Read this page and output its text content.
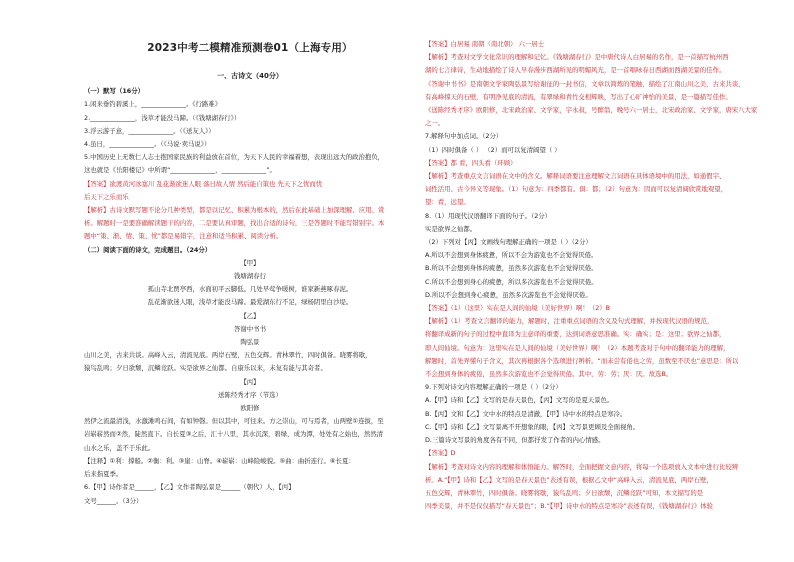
2023中考二模精准预测卷01（上海专用）
一、古诗文（40分）
（一）默写（16分）
1.闲来垂钓碧溪上，______________。《行路难》
2.______________，浅草才能没马蹄。（《钱塘湖春行》）
3.浮云游子意，______________。（《送友人》）
4.虽曰，______________。（《马说·卖马说》）
5.中国历史上无数仁人志士抱国家民族的利益放在首位，为天下人民的幸福着想，表现出远大的政治抱负，
这也就是《岳阳楼记》中所谓“______________，______________”。
【答案】欲渡黄河冰塞川 乱花渐欲迷人眼 落日故人情 然后能自策也 先天下之忧而忧
后天下之乐而乐
【解析】古诗文默写题不论分几种类型，都是以记忆、积累为根本的，然后在此基础上加深理解、应用、赏
析。解题时一是要准确解读题干的内容，二是要认真审题，找出合适的诗句，三是答题时不能写错别字。本
题中“策、渐、情、策、忧”都是易错字，注意和适当积累、阅读分析。
（二）阅读下面的诗文，完成题目。（24分）
【甲】
钱塘湖春行
孤山寺北贾亭西，水面初平云脚低。几处早莺争暖树，谁家新燕啄春泥。
乱花渐欲迷人眼，浅草才能没马蹄。最爱湖东行不足，绿杨阴里白沙堤。
【乙】
答谢中书书
陶弘景
山川之美，古来共谈。高峰入云，清流见底。两岸石壁，五色交辉。青林翠竹，四时俱备。晓雾将歇，
猿鸟乱鸣；夕日欲颓，沉鳞竞跃。实是欲界之仙都。自康乐以来，未复有能与其奇者。
【丙】
送陈经秀才序（节选）
欧阳修
然伊之流最清浅，水激滩鸣石间，有如钟磬。但以其中，可往来。方之崇山，可与焉者，山两壁①连拔，至
岩崭崭然而②然，陡然直下。自长夏③之后，汇十八里，其水沉深，碧绿，成为潭，处处有之始也，然然清
山水之乐，盖不于乐此。
【注释】①利：撑船。②衡：利。③崖：山脊。④崭崭：山峰险峻貌。⑤曲：曲折连行。⑥长夏：
后来指夏季。
6.【甲】诗作者是______，【乙】文作者陶弘景是______（朝代）人，【丙】
文号______。（3分）
【答案】白居易 南朝（南北朝） 六一居士
【解析】考查对文学文化常识的理解和记忆。《钱塘湖春行》是中唐代诗人白居易的名作，是一首描写杭州西
湖的七言律诗，生动地描绘了诗人早春漫步西湖所见的明媚风光，是一首唱咏春日西湖而西湖美景的佳作。
《答谢中书书》是南朝文学家陶弘景写给谢征的一封书信，文章以简炼的笔触，描绘了江南山川之美，古来共谈，
有高峰撑天的石壁，有明净见底的清流，有翠绿和青竹交相辉映，写出了心旷神怡的美景，是一篇描写佳作。
《送陈经秀才序》欧阳修，北宋政治家、文学家，字永叔，号醉翁，晚号六一居士，北宋政治家、文学家，唐宋八大家
之一。
7.解释句中加点词。（2分）
（1）四时俱备（ ） （2）而可以复清阔望（ ）
【答案】都 看，四头看（环顾）
【解析】考查重点文言词语在文中的含义。解释词语要注意理解文言词语在具体语境中的用法，如通假字、
词性活用、古今异义等现象。（1）句意为：四季都有。俱：都；（2）句意为：因而可以复清阔欣赏地观望，
望：看，远望。
8.（1）用现代汉语翻译下面的句子。（2分）
实是欲界之仙都。
（2）下列对【丙】文画线句理解正确的一项是（ ）（2分）
A.所以不会想到身体疲惫，所以不会为游览也不会觉得厌倦。
B.所以不会想到身体的疲惫，虽然多次游览也不会觉得厌倦。
C.所以不会想到身心的疲惫，所以多次游览也不会觉得厌倦。
D.所以不会想到身心疲惫，虽然多次游览也不会觉得厌倦。
【答案】（1）（这里）实在是人间的仙境（美好世界）啊！（2）B
【解析】（1）考查文言翻译的能力，解题时，注重重点词语的含义及句式理解，并按现代汉语的规范，
将翻译成新的句子的过程中直译为主意译的重要，达到词语意思准确。实：确实；是：这里；欲界之仙都，
即人间仙境。句意为：这里实在是人间的仙境（美好世界）啊！（2）本题考查对于句中的翻译能力的理解，
解题时，首先弄懂句子含义，其次再根据各个选项进行辨析。“而未尝有倦也之劳，虽数至不厌也”意思是：所以
不会想到身体的疲倦，虽然多次游览也不会觉得厌倦。其中，劳：劳；厌：厌。故选B。
9.下列对诗文内容理解正确的一项是（ ）（2分）
A.【甲】诗和【乙】文写的是春天景色，【丙】文写的是夏天景色。
B.【丙】文和【乙】文中水的特点是清澈，【甲】诗中水的特点是寒冷。
C.【甲】诗和【乙】文写景离不开想象的眼，【丙】文写景更顾及全面视角。
D.三篇诗文写景的角度各有不同，但都抒发了作者的内心情感。
【答案】D
【解析】考查对诗文内容的理解和体悟能力。解答时，全面把握文意内容，将每一个选项放入文本中进行比较辨
析。A.“【甲】诗和【乙】文写的是春天景色”表述有误，根据乙文中“高峰入云，清流见底，两岸石壁，
五色交辉，青林翠竹，四时俱备。晓雾将歇，猿鸟乱鸣；夕日欲颓，沉鳞竞跃”可知，本文描写的是
四季美景，并不是仅仅描写“春天景色”；B.“【甲】诗中水的特点是寒冷”表述有误，《钱塘湖春行》体验
